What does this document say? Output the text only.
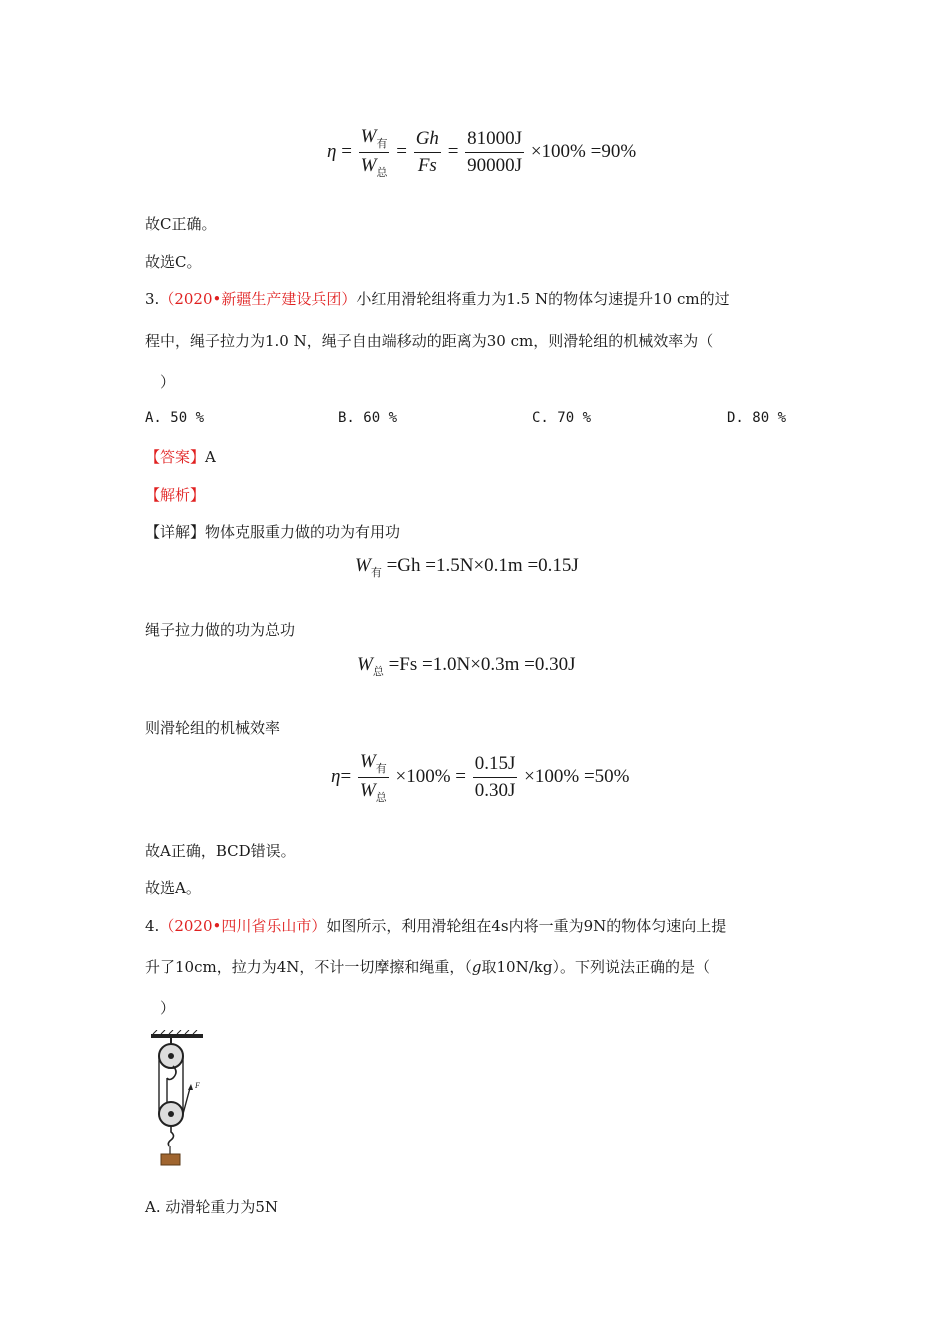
$\eta = \frac{W_有}{W_总} = \frac{Gh}{Fs} = \frac{81000J}{90000J} \times 100\% =90\%$
故C正确。
故选C。
3.（2020•新疆生产建设兵团）小红用滑轮组将重力为1.5 N的物体匀速提升10 cm的过
程中，绳子拉力为1.0 N，绳子自由端移动的距离为30 cm，则滑轮组的机械效率为（
）
A. 50 %	B. 60 %	C. 70 %	D. 80 %
【答案】A
【解析】
【详解】物体克服重力做的功为有用功
$W_有 =Gh =1.5N\times 0.1m =0.15J$
绳子拉力做的功为总功
$W_总 =Fs =1.0N\times 0.3m =0.30J$
则滑轮组的机械效率
$\eta= \frac{W_有}{W_总} \times 100\% = \frac{0.15J}{0.30J} \times 100\% =50\%$
故A正确，BCD错误。
故选A。
4.（2020•四川省乐山市）如图所示，利用滑轮组在4s内将一重为9N的物体匀速向上提
升了10cm，拉力为4N，不计一切摩擦和绳重，（g取10N/kg）。下列说法正确的是（
）
F
A. 动滑轮重力为5N
